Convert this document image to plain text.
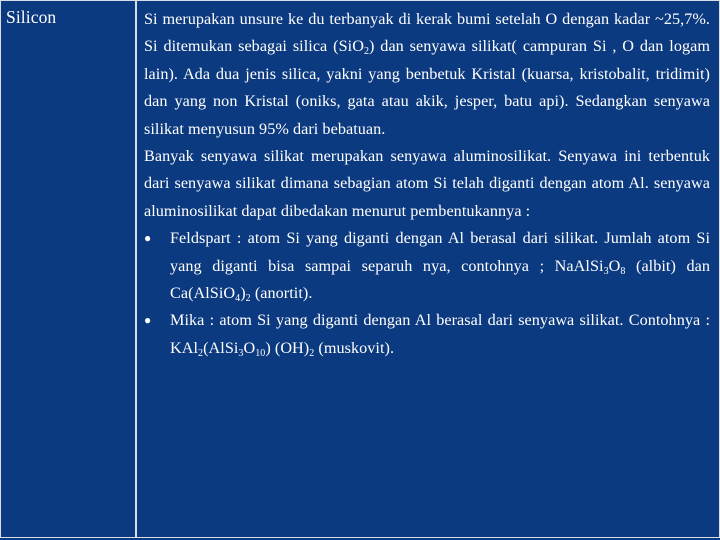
Silicon	Si merupakan unsure ke du terbanyak di kerak bumi setelah O dengan kadar ~25,7%. Si ditemukan sebagai silica (SiO$_2$) dan senyawa silikat( campuran Si , O dan logam lain). Ada dua jenis silica, yakni yang benbetuk Kristal (kuarsa, kristobalit, tridimit) dan yang non Kristal (oniks, gata atau akik, jesper, batu api). Sedangkan senyawa silikat menyusun 95% dari bebatuan.

Banyak senyawa silikat merupakan senyawa aluminosilikat. Senyawa ini terbentuk dari senyawa silikat dimana sebagian atom Si telah diganti dengan atom Al. senyawa aluminosilikat dapat dibedakan menurut pembentukannya :

●	Feldspart : atom Si yang diganti dengan Al berasal dari silikat. Jumlah atom Si yang diganti bisa sampai separuh nya, contohnya ; $NaAlSi_3O_8$ (albit) dan $Ca(AlSiO_4)_2$ (anortit).
●	Mika : atom Si yang diganti dengan Al berasal dari senyawa silikat. Contohnya : $KAl_2(AlSi_3O_{10})$ $(OH)_2$ (muskovit).
